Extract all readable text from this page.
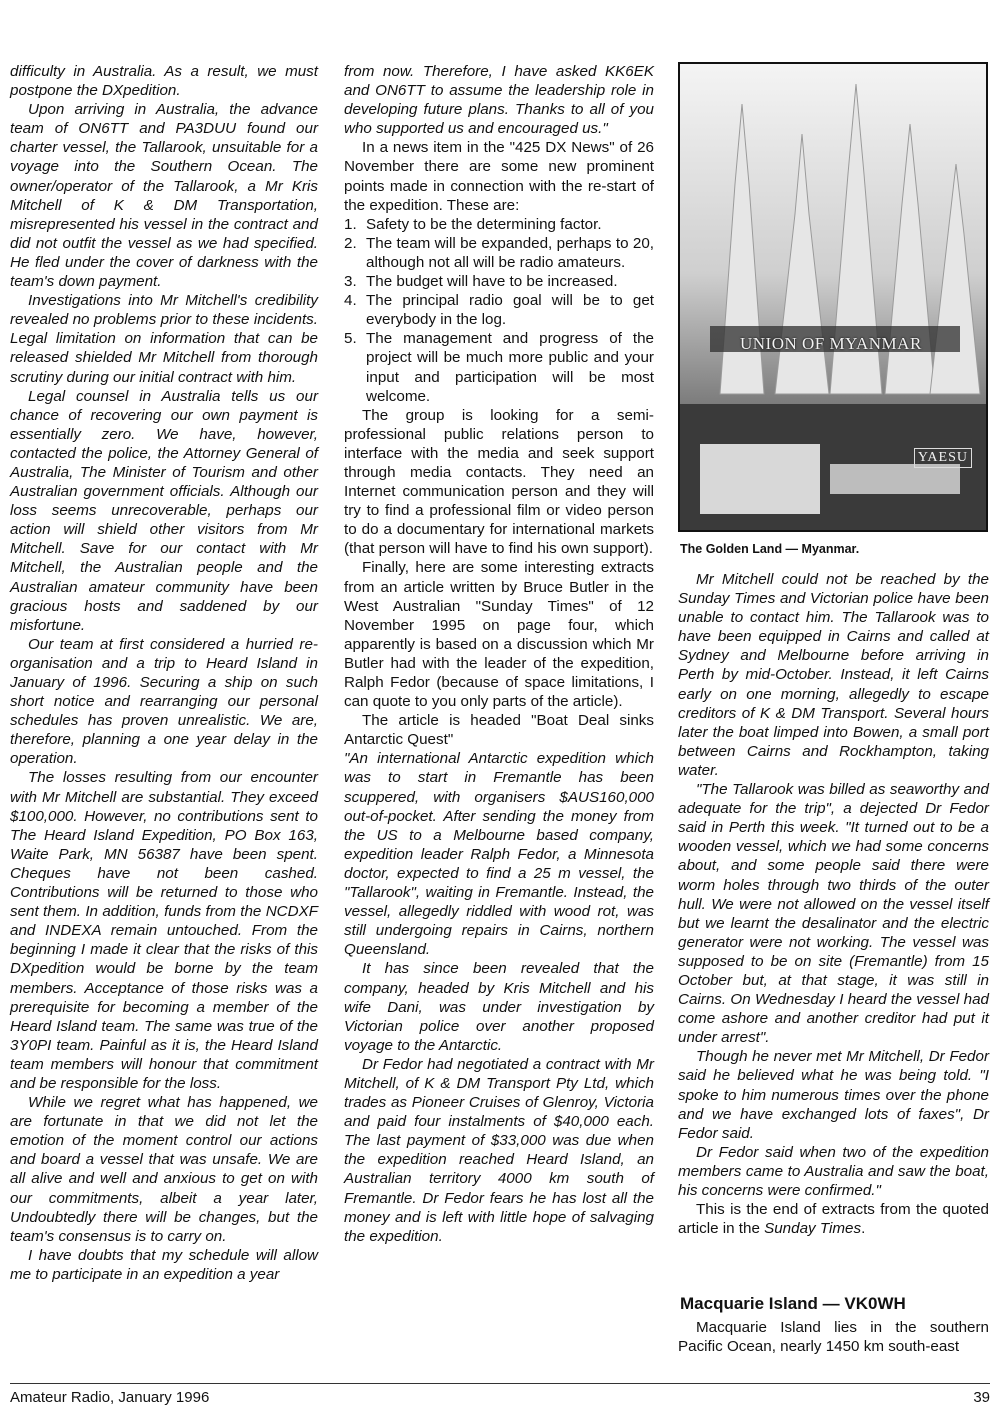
difficulty in Australia. As a result, we must postpone the DXpedition.

Upon arriving in Australia, the advance team of ON6TT and PA3DUU found our charter vessel, the Tallarook, unsuitable for a voyage into the Southern Ocean. The owner/operator of the Tallarook, a Mr Kris Mitchell of K & DM Transportation, misrepresented his vessel in the contract and did not outfit the vessel as we had specified. He fled under the cover of darkness with the team's down payment.

Investigations into Mr Mitchell's credibility revealed no problems prior to these incidents. Legal limitation on information that can be released shielded Mr Mitchell from thorough scrutiny during our initial contract with him.

Legal counsel in Australia tells us our chance of recovering our own payment is essentially zero. We have, however, contacted the police, the Attorney General of Australia, The Minister of Tourism and other Australian government officials. Although our loss seems unrecoverable, perhaps our action will shield other visitors from Mr Mitchell. Save for our contact with Mr Mitchell, the Australian people and the Australian amateur community have been gracious hosts and saddened by our misfortune.

Our team at first considered a hurried re-organisation and a trip to Heard Island in January of 1996. Securing a ship on such short notice and rearranging our personal schedules has proven unrealistic. We are, therefore, planning a one year delay in the operation.

The losses resulting from our encounter with Mr Mitchell are substantial. They exceed $100,000. However, no contributions sent to The Heard Island Expedition, PO Box 163, Waite Park, MN 56387 have been spent. Cheques have not been cashed. Contributions will be returned to those who sent them. In addition, funds from the NCDXF and INDEXA remain untouched. From the beginning I made it clear that the risks of this DXpedition would be borne by the team members. Acceptance of those risks was a prerequisite for becoming a member of the Heard Island team. The same was true of the 3Y0PI team. Painful as it is, the Heard Island team members will honour that commitment and be responsible for the loss.

While we regret what has happened, we are fortunate in that we did not let the emotion of the moment control our actions and board a vessel that was unsafe. We are all alive and well and anxious to get on with our commitments, albeit a year later, Undoubtedly there will be changes, but the team's consensus is to carry on.

I have doubts that my schedule will allow me to participate in an expedition a year

from now. Therefore, I have asked KK6EK and ON6TT to assume the leadership role in developing future plans. Thanks to all of you who supported us and encouraged us."

In a news item in the "425 DX News" of 26 November there are some new prominent points made in connection with the re-start of the expedition. These are:

1. Safety to be the determining factor.
2. The team will be expanded, perhaps to 20, although not all will be radio amateurs.
3. The budget will have to be increased.
4. The principal radio goal will be to get everybody in the log.
5. The management and progress of the project will be much more public and your input and participation will be most welcome.

The group is looking for a semi-professional public relations person to interface with the media and seek support through media contacts. They need an Internet communication person and they will try to find a professional film or video person to do a documentary for international markets (that person will have to find his own support).

Finally, here are some interesting extracts from an article written by Bruce Butler in the West Australian "Sunday Times" of 12 November 1995 on page four, which apparently is based on a discussion which Mr Butler had with the leader of the expedition, Ralph Fedor (because of space limitations, I can quote to you only parts of the article).

The article is headed "Boat Deal sinks Antarctic Quest"

"An international Antarctic expedition which was to start in Fremantle has been scuppered, with organisers $AUS160,000 out-of-pocket. After sending the money from the US to a Melbourne based company, expedition leader Ralph Fedor, a Minnesota doctor, expected to find a 25 m vessel, the "Tallarook", waiting in Fremantle. Instead, the vessel, allegedly riddled with wood rot, was still undergoing repairs in Cairns, northern Queensland.

It has since been revealed that the company, headed by Kris Mitchell and his wife Dani, was under investigation by Victorian police over another proposed voyage to the Antarctic.

Dr Fedor had negotiated a contract with Mr Mitchell, of K & DM Transport Pty Ltd, which trades as Pioneer Cruises of Glenroy, Victoria and paid four instalments of $40,000 each. The last payment of $33,000 was due when the expedition reached Heard Island, an Australian territory 4000 km south of Fremantle. Dr Fedor fears he has lost all the money and is left with little hope of salvaging the expedition.

UNION OF MYANMAR
YAESU
The Golden Land — Myanmar.

Mr Mitchell could not be reached by the Sunday Times and Victorian police have been unable to contact him. The Tallarook was to have been equipped in Cairns and called at Sydney and Melbourne before arriving in Perth by mid-October. Instead, it left Cairns early on one morning, allegedly to escape creditors of K & DM Transport. Several hours later the boat limped into Bowen, a small port between Cairns and Rockhampton, taking water.

"The Tallarook was billed as seaworthy and adequate for the trip", a dejected Dr Fedor said in Perth this week. "It turned out to be a wooden vessel, which we had some concerns about, and some people said there were worm holes through two thirds of the outer hull. We were not allowed on the vessel itself but we learnt the desalinator and the electric generator were not working. The vessel was supposed to be on site (Fremantle) from 15 October but, at that stage, it was still in Cairns. On Wednesday I heard the vessel had come ashore and another creditor had put it under arrest".

Though he never met Mr Mitchell, Dr Fedor said he believed what he was being told. "I spoke to him numerous times over the phone and we have exchanged lots of faxes", Dr Fedor said.

Dr Fedor said when two of the expedition members came to Australia and saw the boat, his concerns were confirmed."

This is the end of extracts from the quoted article in the Sunday Times.

Macquarie Island — VK0WH

Macquarie Island lies in the southern Pacific Ocean, nearly 1450 km south-east

Amateur Radio, January 1996	39
